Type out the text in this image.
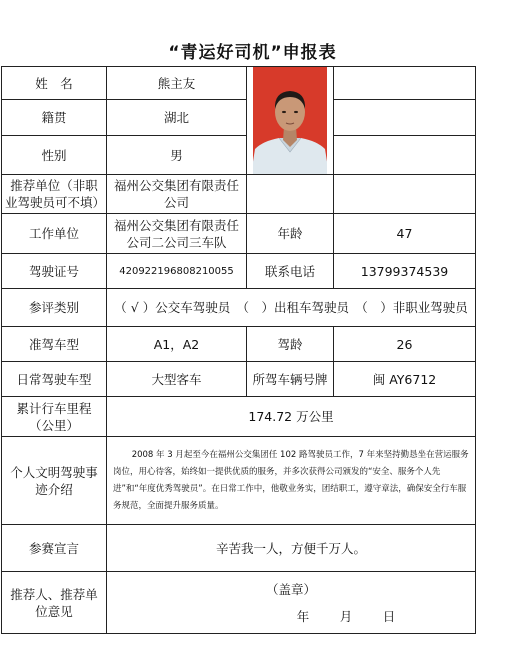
“青运好司机”申报表
姓　名	熊主友	

籍贯	湖北		
性别	男		
推荐单位（非职业驾驶员可不填）	福州公交集团有限责任公司		
工作单位	福州公交集团有限责任公司二公司三车队	年龄	47
驾驶证号	420922196808210055	联系电话	13799374539
参评类别	（ √ ）公交车驾驶员　（　）出租车驾驶员　（　）非职业驾驶员		
准驾车型	A1，A2	驾龄	26
日常驾驶车型	大型客车	所驾车辆号牌	闽 AY6712
累计行车里程（公里）	174.72 万公里		
个人文明驾驶事迹介绍	2008 年 3 月起至今在福州公交集团任 102 路驾驶员工作，7 年来坚持勤恳坐在营运服务岗位，用心待客，始终如一提供优质的服务，并多次获得公司颁发的“安全、服务个人先进”和“年度优秀驾驶员”。在日常工作中，他敬业务实，团结职工，遵守章法，确保安全行车服务规范，全面提升服务质量。		
参赛宣言	辛苦我一人，方便千万人。		
推荐人、推荐单位意见	（盖章）
年　 月　 日		
